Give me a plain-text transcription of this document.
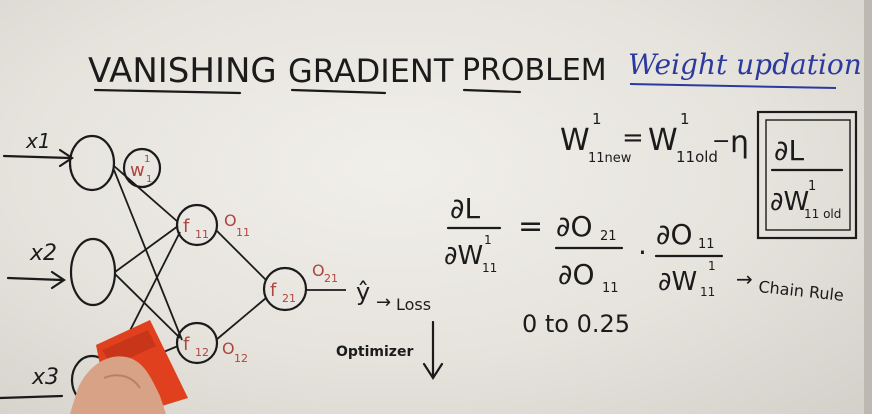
VANISHING GRADIENT PROBLEM Weight updation
W
1
11new
= W
1
11old
− η ∂L
∂W
1
11 old
x1
x2
x3
w
1
1
f 11
O
11
f 12 O
12
f 21
O 21 ŷ → Loss
Optimizer
∂L
∂W
1
11
= ∂O 21
∂O 11
·
∂O 11
∂W
1
11
→ Chain Rule
0 to 0.25
